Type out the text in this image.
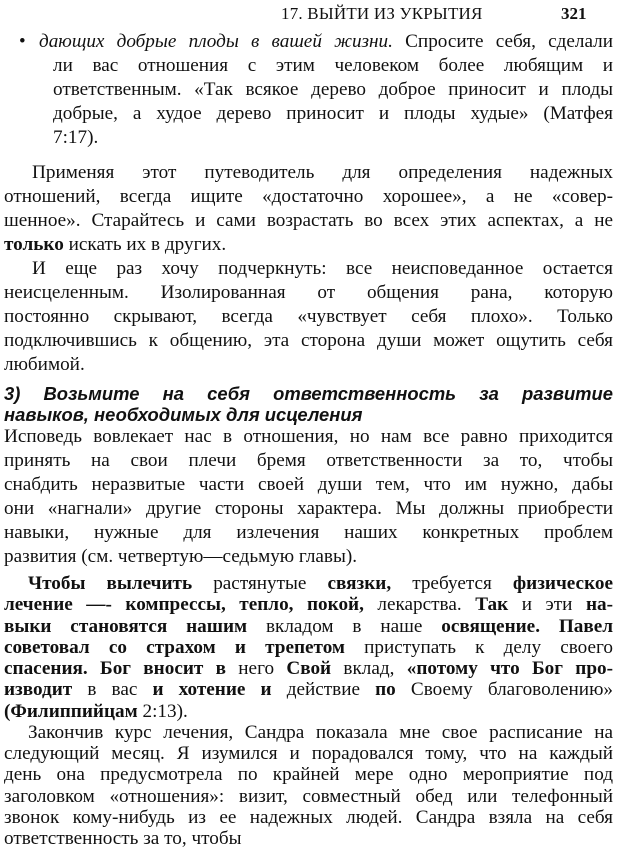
17. ВЫЙТИ ИЗ УКРЫТИЯ	321
• дающих добрые плоды в вашей жизни. Спросите себя, сделали
ли вас отношения с этим человеком более любящим и
ответственным. «Так всякое дерево доброе приносит и плоды
добрые, а худое дерево приносит и плоды худые» (Матфея
7:17).
Применяя этот путеводитель для определения надежных
отношений, всегда ищите «достаточно хорошее», а не «совер-
шенное». Старайтесь и сами возрастать во всех этих аспектах, а не
только искать их в других.
И еще раз хочу подчеркнуть: все неисповеданное остается
неисцеленным. Изолированная от общения рана, которую
постоянно скрывают, всегда «чувствует себя плохо». Только
подключившись к общению, эта сторона души может ощутить себя
любимой.
3) Возьмите на себя ответственность за развитие
навыков, необходимых для исцеления
Исповедь вовлекает нас в отношения, но нам все равно приходится
принять на свои плечи бремя ответственности за то, чтобы
снабдить неразвитые части своей души тем, что им нужно, дабы
они «нагнали» другие стороны характера. Мы должны приобрести
навыки, нужные для излечения наших конкретных проблем
развития (см. четвертую—седьмую главы).
Чтобы вылечить растянутые связки, требуется физическое
лечение —- компрессы, тепло, покой, лекарства. Так и эти на-
выки становятся нашим вкладом в наше освящение. Павел
советовал со страхом и трепетом приступать к делу своего
спасения. Бог вносит в него Свой вклад, «потому что Бог про-
изводит в вас и хотение и действие по Своему благоволению»
(Филиппийцам 2:13).
Закончив курс лечения, Сандра показала мне свое расписание на
следующий месяц. Я изумился и порадовался тому, что на каждый
день она предусмотрела по крайней мере одно мероприятие под
заголовком «отношения»: визит, совместный обед или телефонный
звонок кому-нибудь из ее надежных людей. Сандра взяла на себя
ответственность за то, чтобы
